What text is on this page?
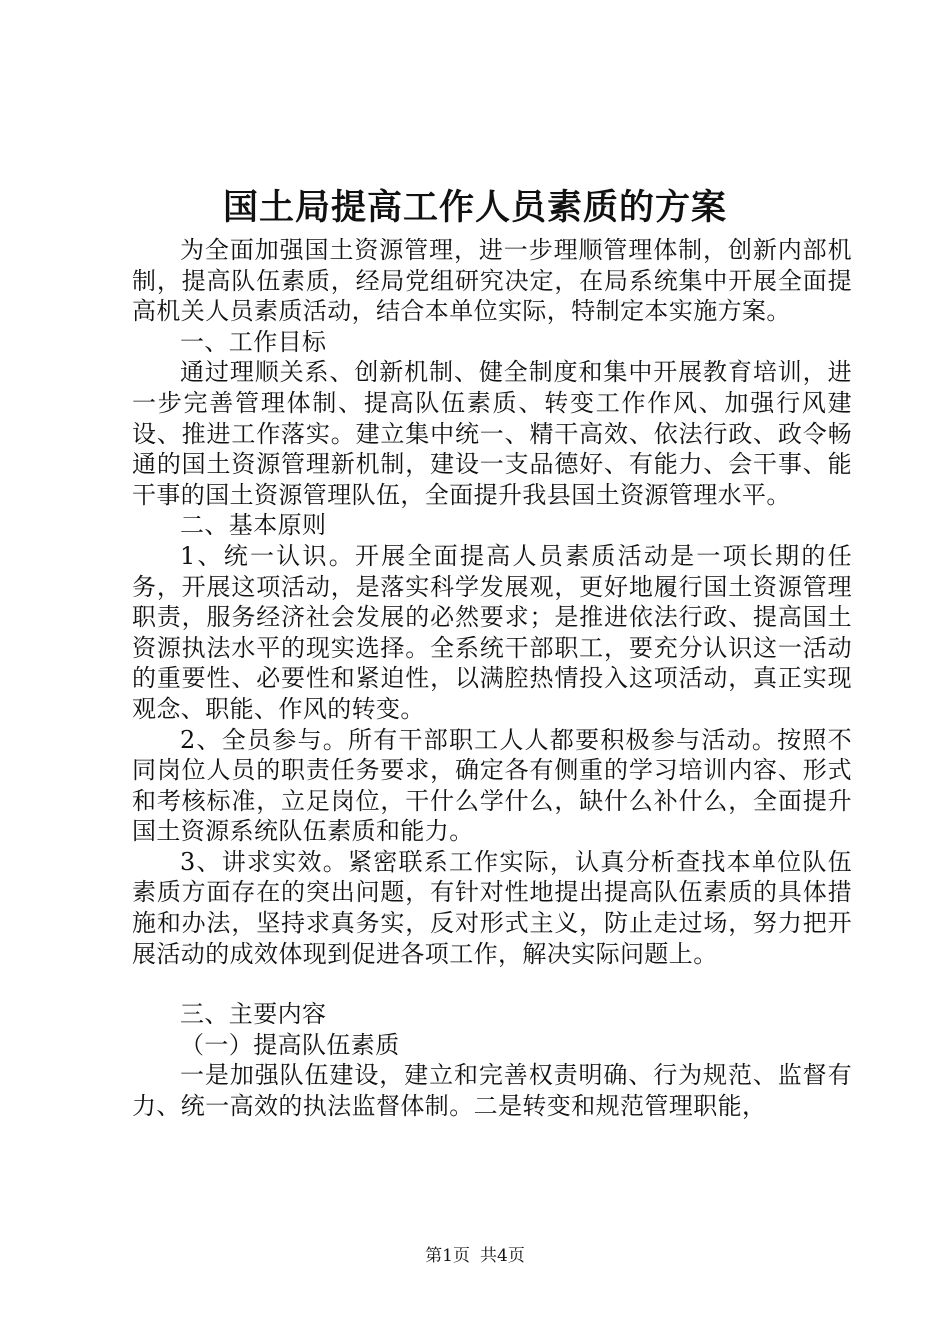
国土局提高工作人员素质的方案

为全面加强国土资源管理，进一步理顺管理体制，创新内部机制，提高队伍素质，经局党组研究决定，在局系统集中开展全面提高机关人员素质活动，结合本单位实际，特制定本实施方案。

一、工作目标

通过理顺关系、创新机制、健全制度和集中开展教育培训，进一步完善管理体制、提高队伍素质、转变工作作风、加强行风建设、推进工作落实。建立集中统一、精干高效、依法行政、政令畅通的国土资源管理新机制，建设一支品德好、有能力、会干事、能干事的国土资源管理队伍，全面提升我县国土资源管理水平。

二、基本原则

1、统一认识。开展全面提高人员素质活动是一项长期的任务，开展这项活动，是落实科学发展观，更好地履行国土资源管理职责，服务经济社会发展的必然要求；是推进依法行政、提高国土资源执法水平的现实选择。全系统干部职工，要充分认识这一活动的重要性、必要性和紧迫性，以满腔热情投入这项活动，真正实现观念、职能、作风的转变。

2、全员参与。所有干部职工人人都要积极参与活动。按照不同岗位人员的职责任务要求，确定各有侧重的学习培训内容、形式和考核标准，立足岗位，干什么学什么，缺什么补什么，全面提升国土资源系统队伍素质和能力。

3、讲求实效。紧密联系工作实际，认真分析查找本单位队伍素质方面存在的突出问题，有针对性地提出提高队伍素质的具体措施和办法，坚持求真务实，反对形式主义，防止走过场，努力把开展活动的成效体现到促进各项工作，解决实际问题上。

三、主要内容

（一）提高队伍素质

一是加强队伍建设，建立和完善权责明确、行为规范、监督有力、统一高效的执法监督体制。二是转变和规范管理职能，

第1页 共4页
